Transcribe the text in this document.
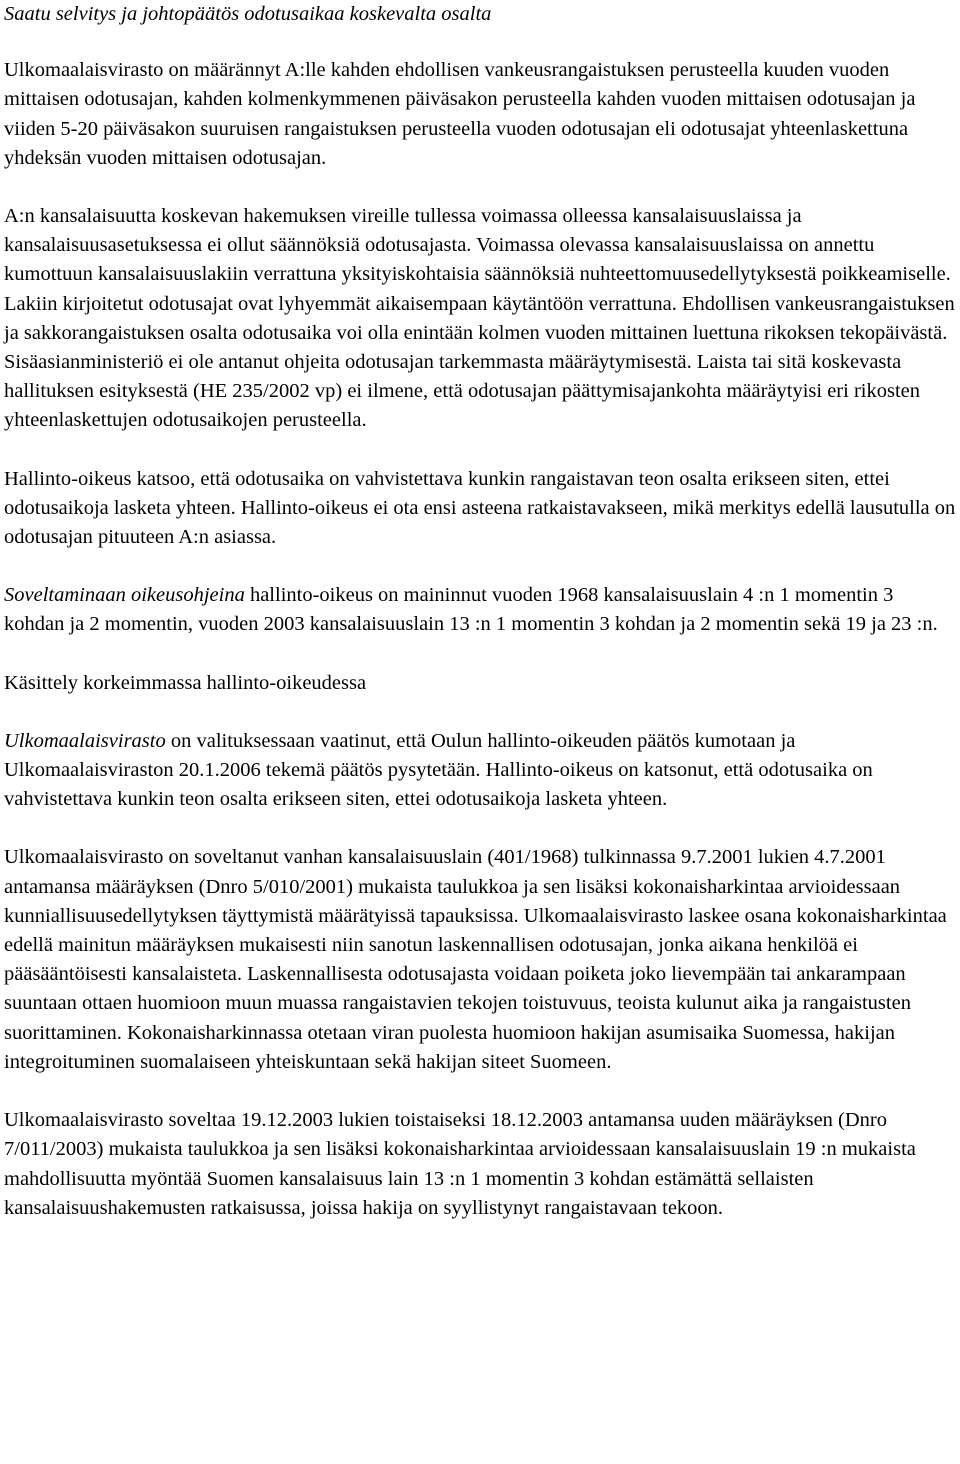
Saatu selvitys ja johtopäätös odotusaikaa koskevalta osalta

Ulkomaalaisvirasto on määrännyt A:lle kahden ehdollisen vankeusrangaistuksen perusteella kuuden vuoden mittaisen odotusajan, kahden kolmenkymmenen päiväsakon perusteella kahden vuoden mittaisen odotusajan ja viiden 5-20 päiväsakon suuruisen rangaistuksen perusteella vuoden odotusajan eli odotusajat yhteenlaskettuna yhdeksän vuoden mittaisen odotusajan.

A:n kansalaisuutta koskevan hakemuksen vireille tullessa voimassa olleessa kansalaisuuslaissa ja kansalaisuusasetuksessa ei ollut säännöksiä odotusajasta. Voimassa olevassa kansalaisuuslaissa on annettu kumottuun kansalaisuuslakiin verrattuna yksityiskohtaisia säännöksiä nuhteettomuusedellytyksestä poikkeamiselle. Lakiin kirjoitetut odotusajat ovat lyhyemmät aikaisempaan käytäntöön verrattuna. Ehdollisen vankeusrangaistuksen ja sakkorangaistuksen osalta odotusaika voi olla enintään kolmen vuoden mittainen luettuna rikoksen tekopäivästä. Sisäasianministeriö ei ole antanut ohjeita odotusajan tarkemmasta määräytymisestä. Laista tai sitä koskevasta hallituksen esityksestä (HE 235/2002 vp) ei ilmene, että odotusajan päättymisajankohta määräytyisi eri rikosten yhteenlaskettujen odotusaikojen perusteella.

Hallinto-oikeus katsoo, että odotusaika on vahvistettava kunkin rangaistavan teon osalta erikseen siten, ettei odotusaikoja lasketa yhteen. Hallinto-oikeus ei ota ensi asteena ratkaistavakseen, mikä merkitys edellä lausutulla on odotusajan pituuteen A:n asiassa.

Soveltaminaan oikeusohjeina hallinto-oikeus on maininnut vuoden 1968 kansalaisuuslain 4 :n 1 momentin 3 kohdan ja 2 momentin, vuoden 2003 kansalaisuuslain 13 :n 1 momentin 3 kohdan ja 2 momentin sekä 19 ja 23 :n.

Käsittely korkeimmassa hallinto-oikeudessa

Ulkomaalaisvirasto on valituksessaan vaatinut, että Oulun hallinto-oikeuden päätös kumotaan ja Ulkomaalaisviraston 20.1.2006 tekemä päätös pysytetään. Hallinto-oikeus on katsonut, että odotusaika on vahvistettava kunkin teon osalta erikseen siten, ettei odotusaikoja lasketa yhteen.

Ulkomaalaisvirasto on soveltanut vanhan kansalaisuuslain (401/1968) tulkinnassa 9.7.2001 lukien 4.7.2001 antamansa määräyksen (Dnro 5/010/2001) mukaista taulukkoa ja sen lisäksi kokonaisharkintaa arvioidessaan kunniallisuusedellytyksen täyttymistä määrätyissä tapauksissa. Ulkomaalaisvirasto laskee osana kokonaisharkintaa edellä mainitun määräyksen mukaisesti niin sanotun laskennallisen odotusajan, jonka aikana henkilöä ei pääsääntöisesti kansalaisteta. Laskennallisesta odotusajasta voidaan poiketa joko lievempään tai ankarampaan suuntaan ottaen huomioon muun muassa rangaistavien tekojen toistuvuus, teoista kulunut aika ja rangaistusten suorittaminen. Kokonaisharkinnassa otetaan viran puolesta huomioon hakijan asumisaika Suomessa, hakijan integroituminen suomalaiseen yhteiskuntaan sekä hakijan siteet Suomeen.

Ulkomaalaisvirasto soveltaa 19.12.2003 lukien toistaiseksi 18.12.2003 antamansa uuden määräyksen (Dnro 7/011/2003) mukaista taulukkoa ja sen lisäksi kokonaisharkintaa arvioidessaan kansalaisuuslain 19 :n mukaista mahdollisuutta myöntää Suomen kansalaisuus lain 13 :n 1 momentin 3 kohdan estämättä sellaisten kansalaisuushakemusten ratkaisussa, joissa hakija on syyllistynyt rangaistavaan tekoon.
